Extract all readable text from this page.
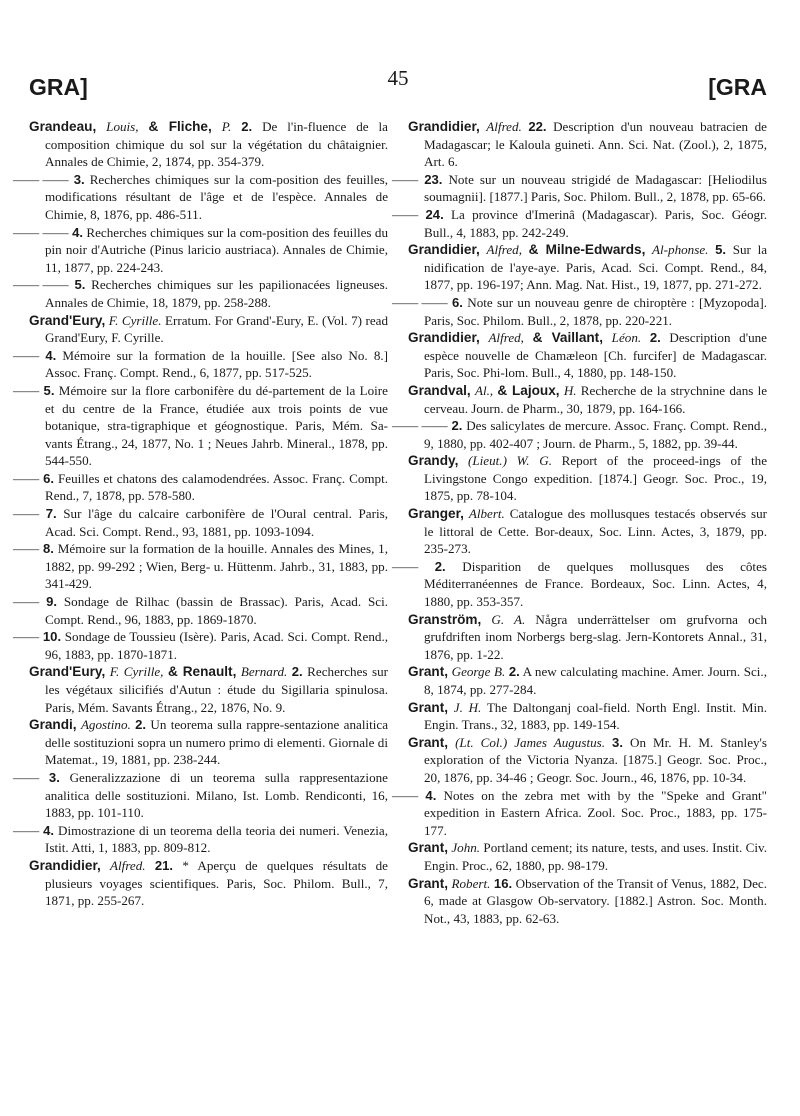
GRA]	45	[GRA

Grandeau, Louis, & Fliche, P. 2. De l'in-fluence de la composition chimique du sol sur la végétation du châtaignier. Annales de Chimie, 2, 1874, pp. 354-379.

—— —— 3. Recherches chimiques sur la com-position des feuilles, modifications résultant de l'âge et de l'espèce. Annales de Chimie, 8, 1876, pp. 486-511.

—— —— 4. Recherches chimiques sur la com-position des feuilles du pin noir d'Autriche (Pinus laricio austriaca). Annales de Chimie, 11, 1877, pp. 224-243.

—— —— 5. Recherches chimiques sur les papilionacées ligneuses. Annales de Chimie, 18, 1879, pp. 258-288.

Grand'Eury, F. Cyrille. Erratum. For Grand'-Eury, E. (Vol. 7) read Grand'Eury, F. Cyrille.

—— 4. Mémoire sur la formation de la houille. [See also No. 8.] Assoc. Franç. Compt. Rend., 6, 1877, pp. 517-525.

—— 5. Mémoire sur la flore carbonifère du dé-partement de la Loire et du centre de la France, étudiée aux trois points de vue botanique, stra-tigraphique et géognostique. Paris, Mém. Sa-vants Étrang., 24, 1877, No. 1 ; Neues Jahrb. Mineral., 1878, pp. 544-550.

—— 6. Feuilles et chatons des calamodendrées. Assoc. Franç. Compt. Rend., 7, 1878, pp. 578-580.

—— 7. Sur l'âge du calcaire carbonifère de l'Oural central. Paris, Acad. Sci. Compt. Rend., 93, 1881, pp. 1093-1094.

—— 8. Mémoire sur la formation de la houille. Annales des Mines, 1, 1882, pp. 99-292 ; Wien, Berg- u. Hüttenm. Jahrb., 31, 1883, pp. 341-429.

—— 9. Sondage de Rilhac (bassin de Brassac). Paris, Acad. Sci. Compt. Rend., 96, 1883, pp. 1869-1870.

—— 10. Sondage de Toussieu (Isère). Paris, Acad. Sci. Compt. Rend., 96, 1883, pp. 1870-1871.

Grand'Eury, F. Cyrille, & Renault, Bernard. 2. Recherches sur les végétaux silicifiés d'Autun : étude du Sigillaria spinulosa. Paris, Mém. Savants Étrang., 22, 1876, No. 9.

Grandi, Agostino. 2. Un teorema sulla rappre-sentazione analitica delle sostituzioni sopra un numero primo di elementi. Giornale di Matemat., 19, 1881, pp. 238-244.

—— 3. Generalizzazione di un teorema sulla rappresentazione analitica delle sostituzioni. Milano, Ist. Lomb. Rendiconti, 16, 1883, pp. 101-110.

—— 4. Dimostrazione di un teorema della teoria dei numeri. Venezia, Istit. Atti, 1, 1883, pp. 809-812.

Grandidier, Alfred. 21. * Aperçu de quelques résultats de plusieurs voyages scientifiques. Paris, Soc. Philom. Bull., 7, 1871, pp. 255-267.

Grandidier, Alfred. 22. Description d'un nouveau batracien de Madagascar; le Kaloula guineti. Ann. Sci. Nat. (Zool.), 2, 1875, Art. 6.

—— 23. Note sur un nouveau strigidé de Madagascar: [Heliodilus soumagnii]. [1877.] Paris, Soc. Philom. Bull., 2, 1878, pp. 65-66.

—— 24. La province d'Imerinâ (Madagascar). Paris, Soc. Géogr. Bull., 4, 1883, pp. 242-249.

Grandidier, Alfred, & Milne-Edwards, Al-phonse. 5. Sur la nidification de l'aye-aye. Paris, Acad. Sci. Compt. Rend., 84, 1877, pp. 196-197; Ann. Mag. Nat. Hist., 19, 1877, pp. 271-272.

—— —— 6. Note sur un nouveau genre de chiroptère : [Myzopoda]. Paris, Soc. Philom. Bull., 2, 1878, pp. 220-221.

Grandidier, Alfred, & Vaillant, Léon. 2. Description d'une espèce nouvelle de Chamæleon [Ch. furcifer] de Madagascar. Paris, Soc. Phi-lom. Bull., 4, 1880, pp. 148-150.

Grandval, Al., & Lajoux, H. Recherche de la strychnine dans le cerveau. Journ. de Pharm., 30, 1879, pp. 164-166.

—— —— 2. Des salicylates de mercure. Assoc. Franç. Compt. Rend., 9, 1880, pp. 402-407 ; Journ. de Pharm., 5, 1882, pp. 39-44.

Grandy, (Lieut.) W. G. Report of the proceed-ings of the Livingstone Congo expedition. [1874.] Geogr. Soc. Proc., 19, 1875, pp. 78-104.

Granger, Albert. Catalogue des mollusques testacés observés sur le littoral de Cette. Bor-deaux, Soc. Linn. Actes, 3, 1879, pp. 235-273.

—— 2. Disparition de quelques mollusques des côtes Méditerranéennes de France. Bordeaux, Soc. Linn. Actes, 4, 1880, pp. 353-357.

Granström, G. A. Några underrättelser om grufvorna och grufdriften inom Norbergs berg-slag. Jern-Kontorets Annal., 31, 1876, pp. 1-22.

Grant, George B. 2. A new calculating machine. Amer. Journ. Sci., 8, 1874, pp. 277-284.

Grant, J. H. The Daltonganj coal-field. North Engl. Instit. Min. Engin. Trans., 32, 1883, pp. 149-154.

Grant, (Lt. Col.) James Augustus. 3. On Mr. H. M. Stanley's exploration of the Victoria Nyanza. [1875.] Geogr. Soc. Proc., 20, 1876, pp. 34-46 ; Geogr. Soc. Journ., 46, 1876, pp. 10-34.

—— 4. Notes on the zebra met with by the "Speke and Grant" expedition in Eastern Africa. Zool. Soc. Proc., 1883, pp. 175-177.

Grant, John. Portland cement; its nature, tests, and uses. Instit. Civ. Engin. Proc., 62, 1880, pp. 98-179.

Grant, Robert. 16. Observation of the Transit of Venus, 1882, Dec. 6, made at Glasgow Ob-servatory. [1882.] Astron. Soc. Month. Not., 43, 1883, pp. 62-63.
